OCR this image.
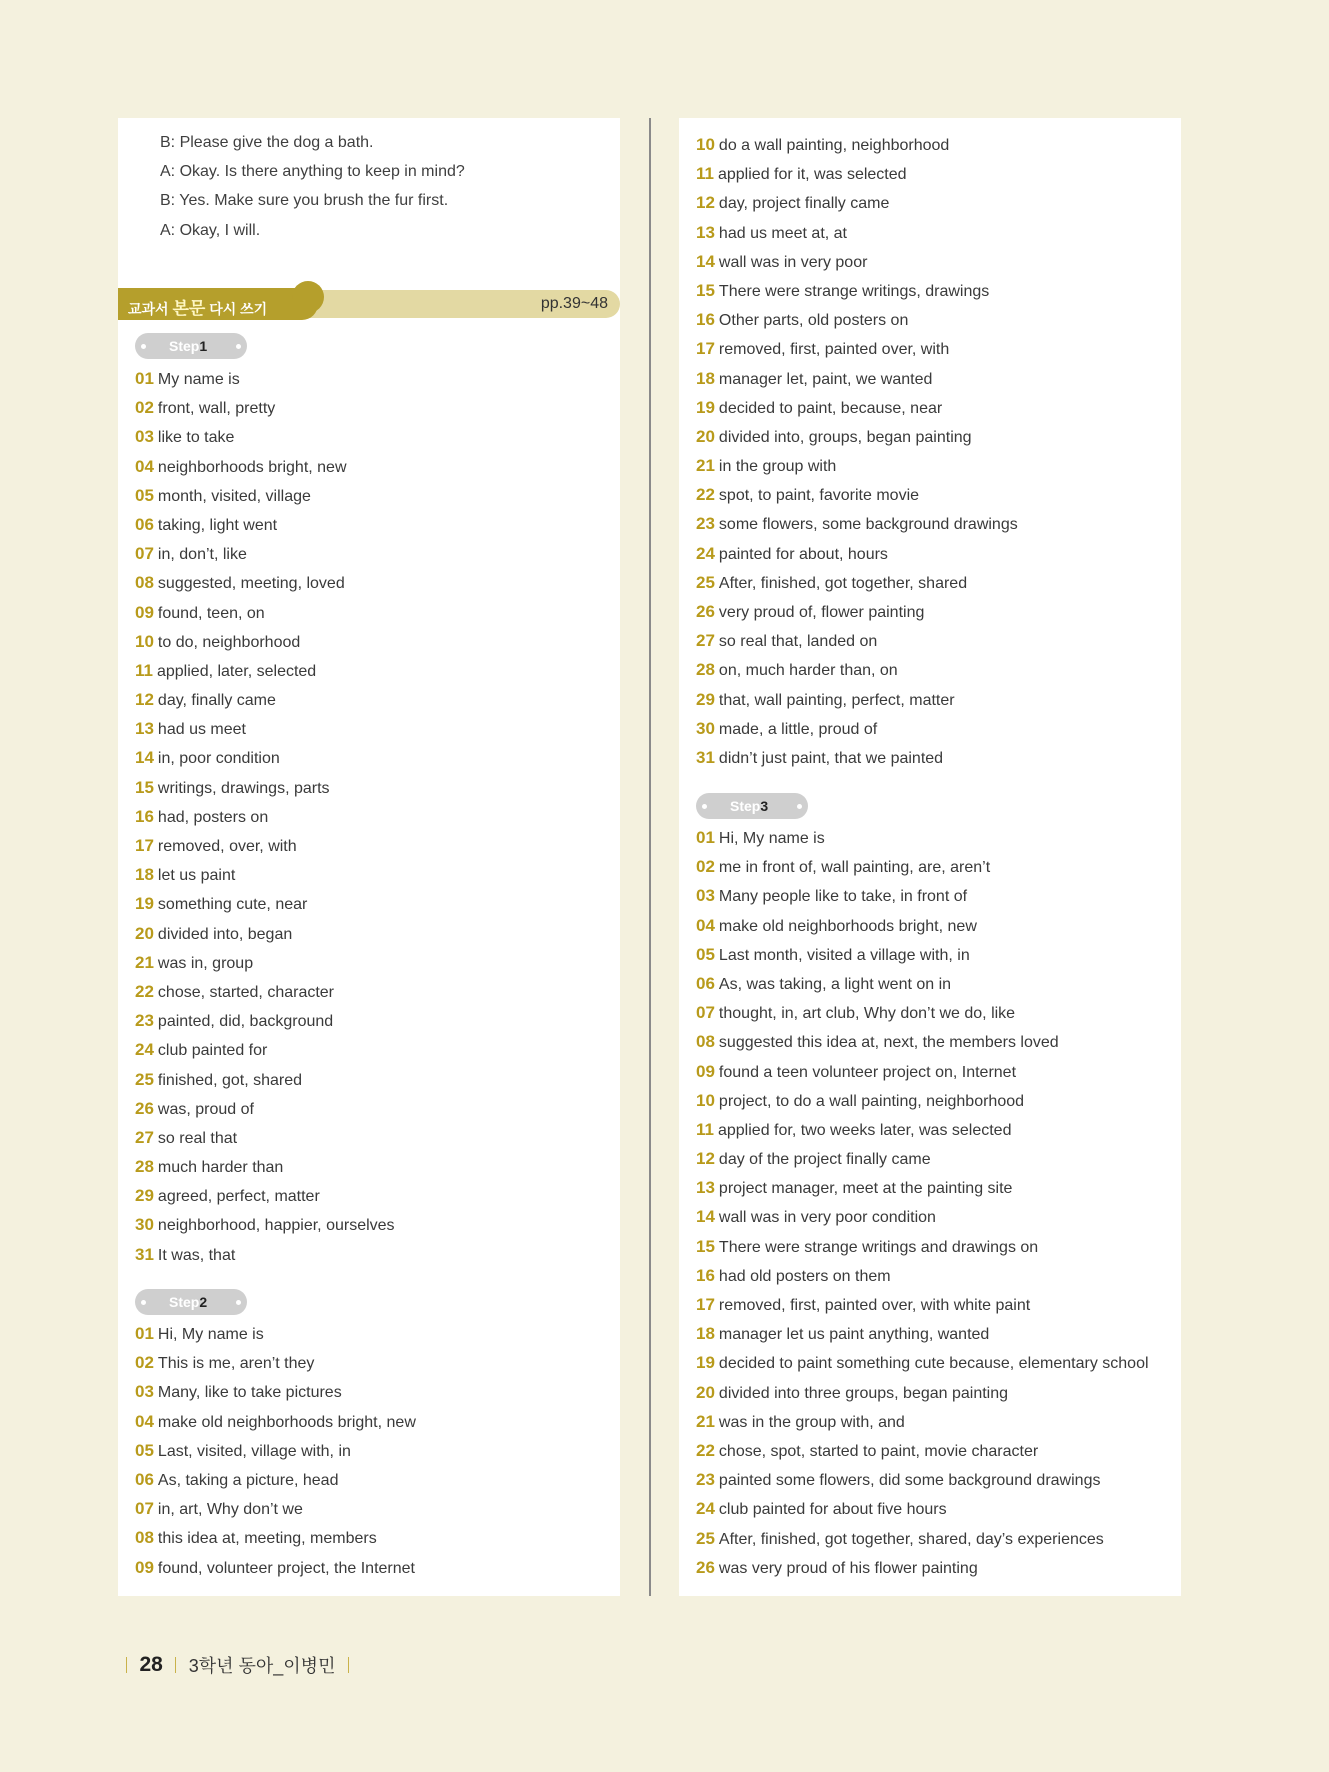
B: Please give the dog a bath.
A: Okay. Is there anything to keep in mind?
B: Yes. Make sure you brush the fur first.
A: Okay, I will.
교과서 본문 다시 쓰기	pp.39~48
Step1
01 My name is
02 front, wall, pretty
03 like to take
04 neighborhoods bright, new
05 month, visited, village
06 taking, light went
07 in, don’t, like
08 suggested, meeting, loved
09 found, teen, on
10 to do, neighborhood
11 applied, later, selected
12 day, finally came
13 had us meet
14 in, poor condition
15 writings, drawings, parts
16 had, posters on
17 removed, over, with
18 let us paint
19 something cute, near
20 divided into, began
21 was in, group
22 chose, started, character
23 painted, did, background
24 club painted for
25 finished, got, shared
26 was, proud of
27 so real that
28 much harder than
29 agreed, perfect, matter
30 neighborhood, happier, ourselves
31 It was, that
Step2
01 Hi, My name is
02 This is me, aren’t they
03 Many, like to take pictures
04 make old neighborhoods bright, new
05 Last, visited, village with, in
06 As, taking a picture, head
07 in, art, Why don’t we
08 this idea at, meeting, members
09 found, volunteer project, the Internet
10 do a wall painting, neighborhood
11 applied for it, was selected
12 day, project finally came
13 had us meet at, at
14 wall was in very poor
15 There were strange writings, drawings
16 Other parts, old posters on
17 removed, first, painted over, with
18 manager let, paint, we wanted
19 decided to paint, because, near
20 divided into, groups, began painting
21 in the group with
22 spot, to paint, favorite movie
23 some flowers, some background drawings
24 painted for about, hours
25 After, finished, got together, shared
26 very proud of, flower painting
27 so real that, landed on
28 on, much harder than, on
29 that, wall painting, perfect, matter
30 made, a little, proud of
31 didn’t just paint, that we painted
Step3
01 Hi, My name is
02 me in front of, wall painting, are, aren’t
03 Many people like to take, in front of
04 make old neighborhoods bright, new
05 Last month, visited a village with, in
06 As, was taking, a light went on in
07 thought, in, art club, Why don’t we do, like
08 suggested this idea at, next, the members loved
09 found a teen volunteer project on, Internet
10 project, to do a wall painting, neighborhood
11 applied for, two weeks later, was selected
12 day of the project finally came
13 project manager, meet at the painting site
14 wall was in very poor condition
15 There were strange writings and drawings on
16 had old posters on them
17 removed, first, painted over, with white paint
18 manager let us paint anything, wanted
19 decided to paint something cute because, elementary school
20 divided into three groups, began painting
21 was in the group with, and
22 chose, spot, started to paint, movie character
23 painted some flowers, did some background drawings
24 club painted for about five hours
25 After, finished, got together, shared, day’s experiences
26 was very proud of his flower painting
28 3학년 동아_이병민
